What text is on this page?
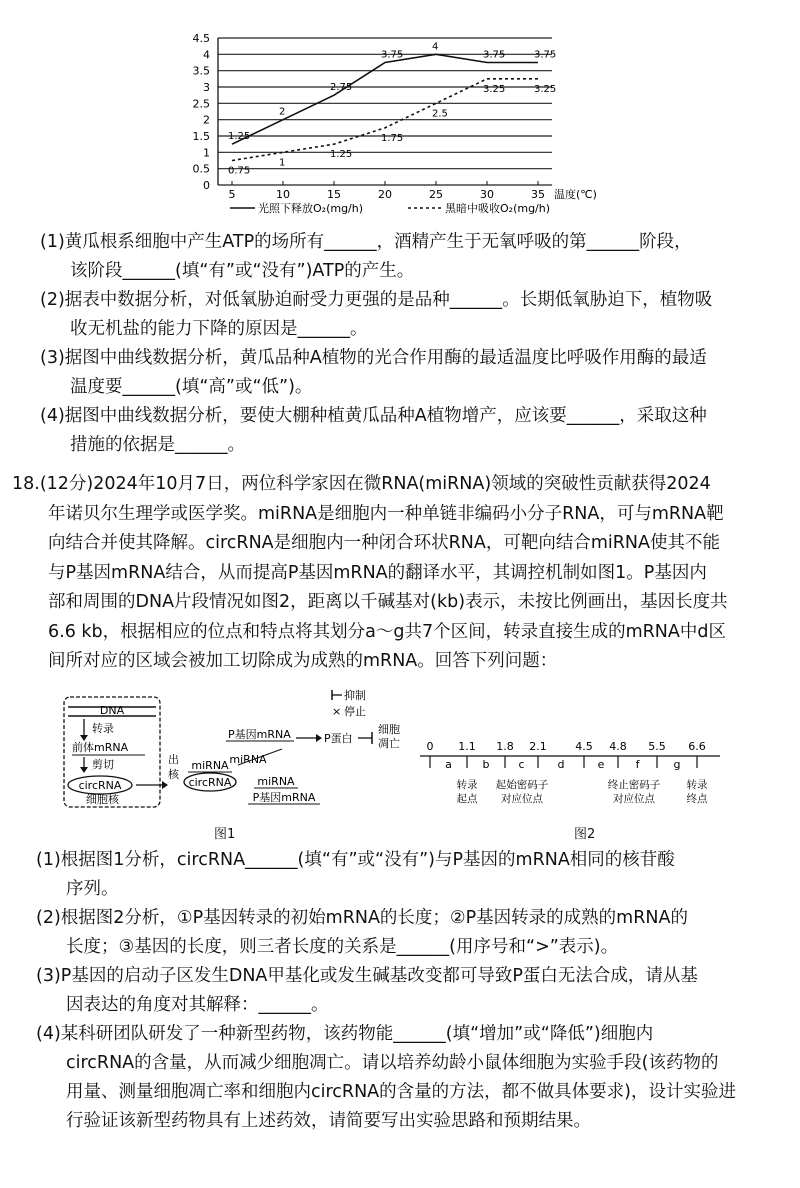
0
0.5
1
1.5
2
2.5
3
3.5
4
4.5
5	10	15	20	25	30	35 温度(℃)
1.25
2
2.75
3.75
4
3.75	3.75
0.75
1
1.25
1.75
2.5
3.25	3.25
光照下释放O₂(mg/h)	黑暗中吸收O₂(mg/h)

(1)黄瓜根系细胞中产生ATP的场所有______，酒精产生于无氧呼吸的第______阶段，

该阶段______(填“有”或“没有”)ATP的产生。

(2)据表中数据分析，对低氧胁迫耐受力更强的是品种______。长期低氧胁迫下，植物吸

收无机盐的能力下降的原因是______。

(3)据图中曲线数据分析，黄瓜品种A植物的光合作用酶的最适温度比呼吸作用酶的最适

温度要______(填“高”或“低”)。

(4)据图中曲线数据分析，要使大棚种植黄瓜品种A植物增产，应该要______，采取这种

措施的依据是______。

18.(12分)2024年10月7日，两位科学家因在微RNA(miRNA)领域的突破性贡献获得2024

年诺贝尔生理学或医学奖。miRNA是细胞内一种单链非编码小分子RNA，可与mRNA靶

向结合并使其降解。circRNA是细胞内一种闭合环状RNA，可靶向结合miRNA使其不能

与P基因mRNA结合，从而提高P基因mRNA的翻译水平，其调控机制如图1。P基因内

部和周围的DNA片段情况如图2，距离以千碱基对(kb)表示，未按比例画出，基因长度共

6.6 kb，根据相应的位点和特点将其划分a～g共7个区间，转录直接生成的mRNA中d区

间所对应的区域会被加工切除成为成熟的mRNA。回答下列问题：

DNA
转录
前体mRNA
剪切
circRNA
细胞核
出
核
miRNA
circRNA
P基因mRNA	P蛋白
细胞
凋亡
抑制
× 停止
miRNA
miRNA
P基因mRNA
图1
0 1.1 1.8 2.1	4.5 4.8 5.5 6.6
a	b	c	d	e	f	g
转录
起点
起始密码子
对应位点
终止密码子
对应位点
转录
终点
图2

(1)根据图1分析，circRNA______(填“有”或“没有”)与P基因的mRNA相同的核苷酸

序列。

(2)根据图2分析，①P基因转录的初始mRNA的长度；②P基因转录的成熟的mRNA的

长度；③基因的长度，则三者长度的关系是______(用序号和“>”表示)。

(3)P基因的启动子区发生DNA甲基化或发生碱基改变都可导致P蛋白无法合成，请从基

因表达的角度对其解释：______。

(4)某科研团队研发了一种新型药物，该药物能______(填“增加”或“降低”)细胞内

circRNA的含量，从而减少细胞凋亡。请以培养幼龄小鼠体细胞为实验手段(该药物的

用量、测量细胞凋亡率和细胞内circRNA的含量的方法，都不做具体要求)，设计实验进

行验证该新型药物具有上述药效，请简要写出实验思路和预期结果。
